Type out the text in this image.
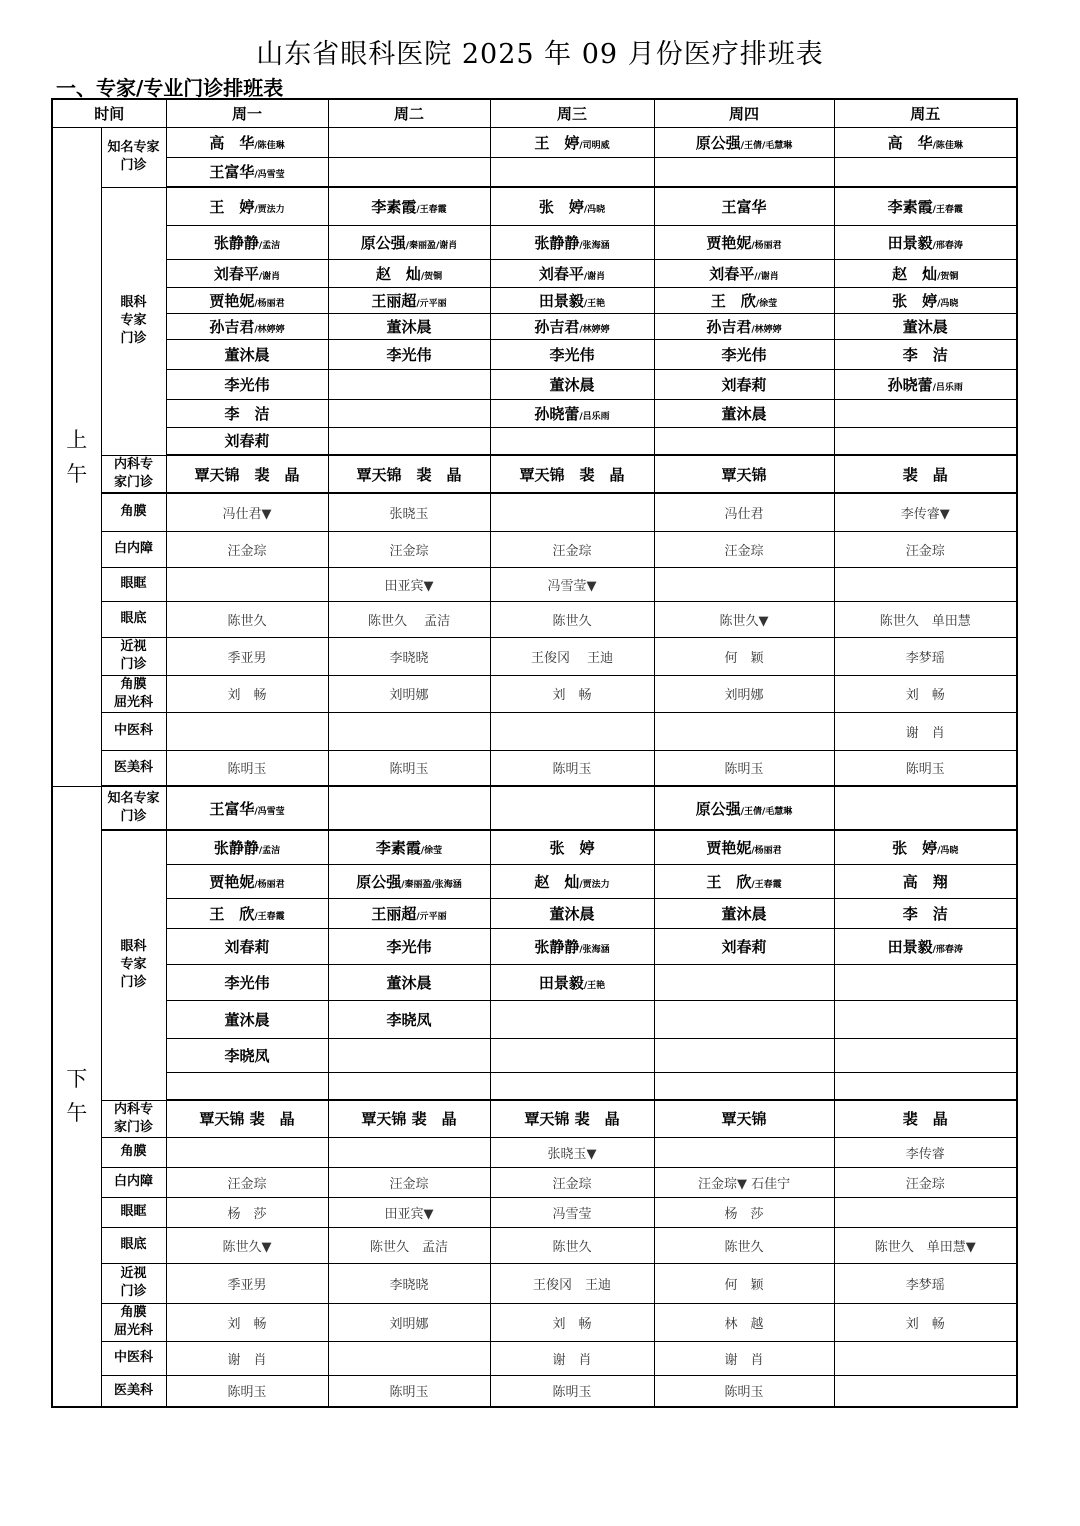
山东省眼科医院 2025 年 09 月份医疗排班表
一、专家/专业门诊排班表
时间		周一	周二	周三	周四	周五
上
午	知名专家
门诊	高　华/陈佳琳		王　婷/司明威	原公强/王倩/毛慧琳	高　华/陈佳琳
		王富华/冯雪莹				
	眼科
专家
门诊	王　婷/贾法力	李素霞/王春霞	张　婷/冯晓	王富华	李素霞/王春霞
		张静静/孟洁	原公强/秦丽盈/谢肖	张静静/张海涵	贾艳妮/杨丽君	田景毅/邢春涛
		刘春平/谢肖	赵　灿/贺铜	刘春平/谢肖	刘春平//谢肖	赵　灿/贺铜
		贾艳妮/杨丽君	王丽超/亓平丽	田景毅/王艳	王　欣/徐莹	张　婷/冯晓
		孙吉君/林婷婷	董沐晨	孙吉君/林婷婷	孙吉君/林婷婷	董沐晨
		董沐晨	李光伟	李光伟	李光伟	李　洁
		李光伟		董沐晨	刘春莉	孙晓蕾/吕乐雨
		李　洁		孙晓蕾/吕乐雨	董沐晨	
		刘春莉				
	内科专
家门诊	覃天锦　裴　晶	覃天锦　裴　晶	覃天锦　裴　晶	覃天锦	裴　晶
	角膜	冯仕君▼	张晓玉		冯仕君	李传睿▼
	白内障	汪金琮	汪金琮	汪金琮	汪金琮	汪金琮
	眼眶		田亚宾▼	冯雪莹▼		
	眼底	陈世久	陈世久　 孟洁	陈世久	陈世久▼	陈世久　单田慧
	近视
门诊	季亚男	李晓晓	王俊冈　 王迪	何　颖	李梦瑶
	角膜
屈光科	刘　畅	刘明娜	刘　畅	刘明娜	刘　畅
	中医科					谢　肖
	医美科	陈明玉	陈明玉	陈明玉	陈明玉	陈明玉
下
午	知名专家
门诊	王富华/冯雪莹			原公强/王倩/毛慧琳	
	眼科
专家
门诊	张静静/孟洁	李素霞/徐莹	张　婷	贾艳妮/杨丽君	张　婷/冯晓
		贾艳妮/杨丽君	原公强/秦丽盈/张海涵	赵　灿/贾法力	王　欣/王春霞	高　翔
		王　欣/王春霞	王丽超/亓平丽	董沐晨	董沐晨	李　洁
		刘春莉	李光伟	张静静/张海涵	刘春莉	田景毅/邢春涛
		李光伟	董沐晨	田景毅/王艳		
		董沐晨	李晓凤			
		李晓凤				

	内科专
家门诊	覃天锦 裴　晶	覃天锦 裴　晶	覃天锦 裴　晶	覃天锦	裴　晶
	角膜			张晓玉▼		李传睿
	白内障	汪金琮	汪金琮	汪金琮	汪金琮▼ 石佳宁	汪金琮
	眼眶	杨　莎	田亚宾▼	冯雪莹	杨　莎	
	眼底	陈世久▼	陈世久　孟洁	陈世久	陈世久	陈世久　单田慧▼
	近视
门诊	季亚男	李晓晓	王俊冈　王迪	何　颖	李梦瑶
	角膜
屈光科	刘　畅	刘明娜	刘　畅	林　越	刘　畅
	中医科	谢　肖		谢　肖	谢　肖	
	医美科	陈明玉	陈明玉	陈明玉	陈明玉	
